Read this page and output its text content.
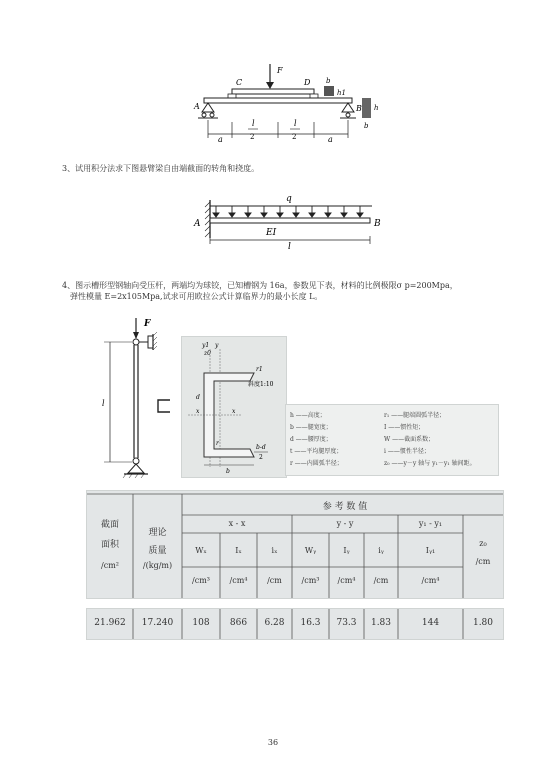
F
C	D
A	B
b
h1
h
b
a
l
2
l
2	a
3、试用积分法求下图悬臂梁自由端截面的转角和挠度。
q
A	B
EI
l
4、图示槽形型钢轴向受压杆，两端均为球铰，已知槽钢为 16a，参数见下表，材料的比例极限σ p=200Mpa，
弹性模量 E=2x105Mpa,试求可用欧拉公式计算临界力的最小长度 L。
F
l
y1 y
z0
r1
斜度1:10
d
x	x
r
b-d
2
b
h ——高度；
b ——腿宽度；
d ——腰厚度；
t ——平均腿厚度；
r ——内圆弧半径；
r₁ ——腿端圆弧半径；
I ——惯性矩；
W ——截面系数；
i ——惯性半径；
z₀ ——y－y 轴与 y₁－y₁ 轴间距。
参 考 数 值
截面
面积
/cm²
理论
质量
/(kg/m)
x - x	y - y	y₁ - y₁
z₀
/cm
Wₓ	Iₓ	iₓ	Wᵧ	Iᵧ	iᵧ	Iᵧ₁
/cm³	/cm⁴	/cm	/cm³	/cm⁴	/cm	/cm⁴
21.962	17.240	108	866	6.28	16.3	73.3	1.83	144	1.80
36
